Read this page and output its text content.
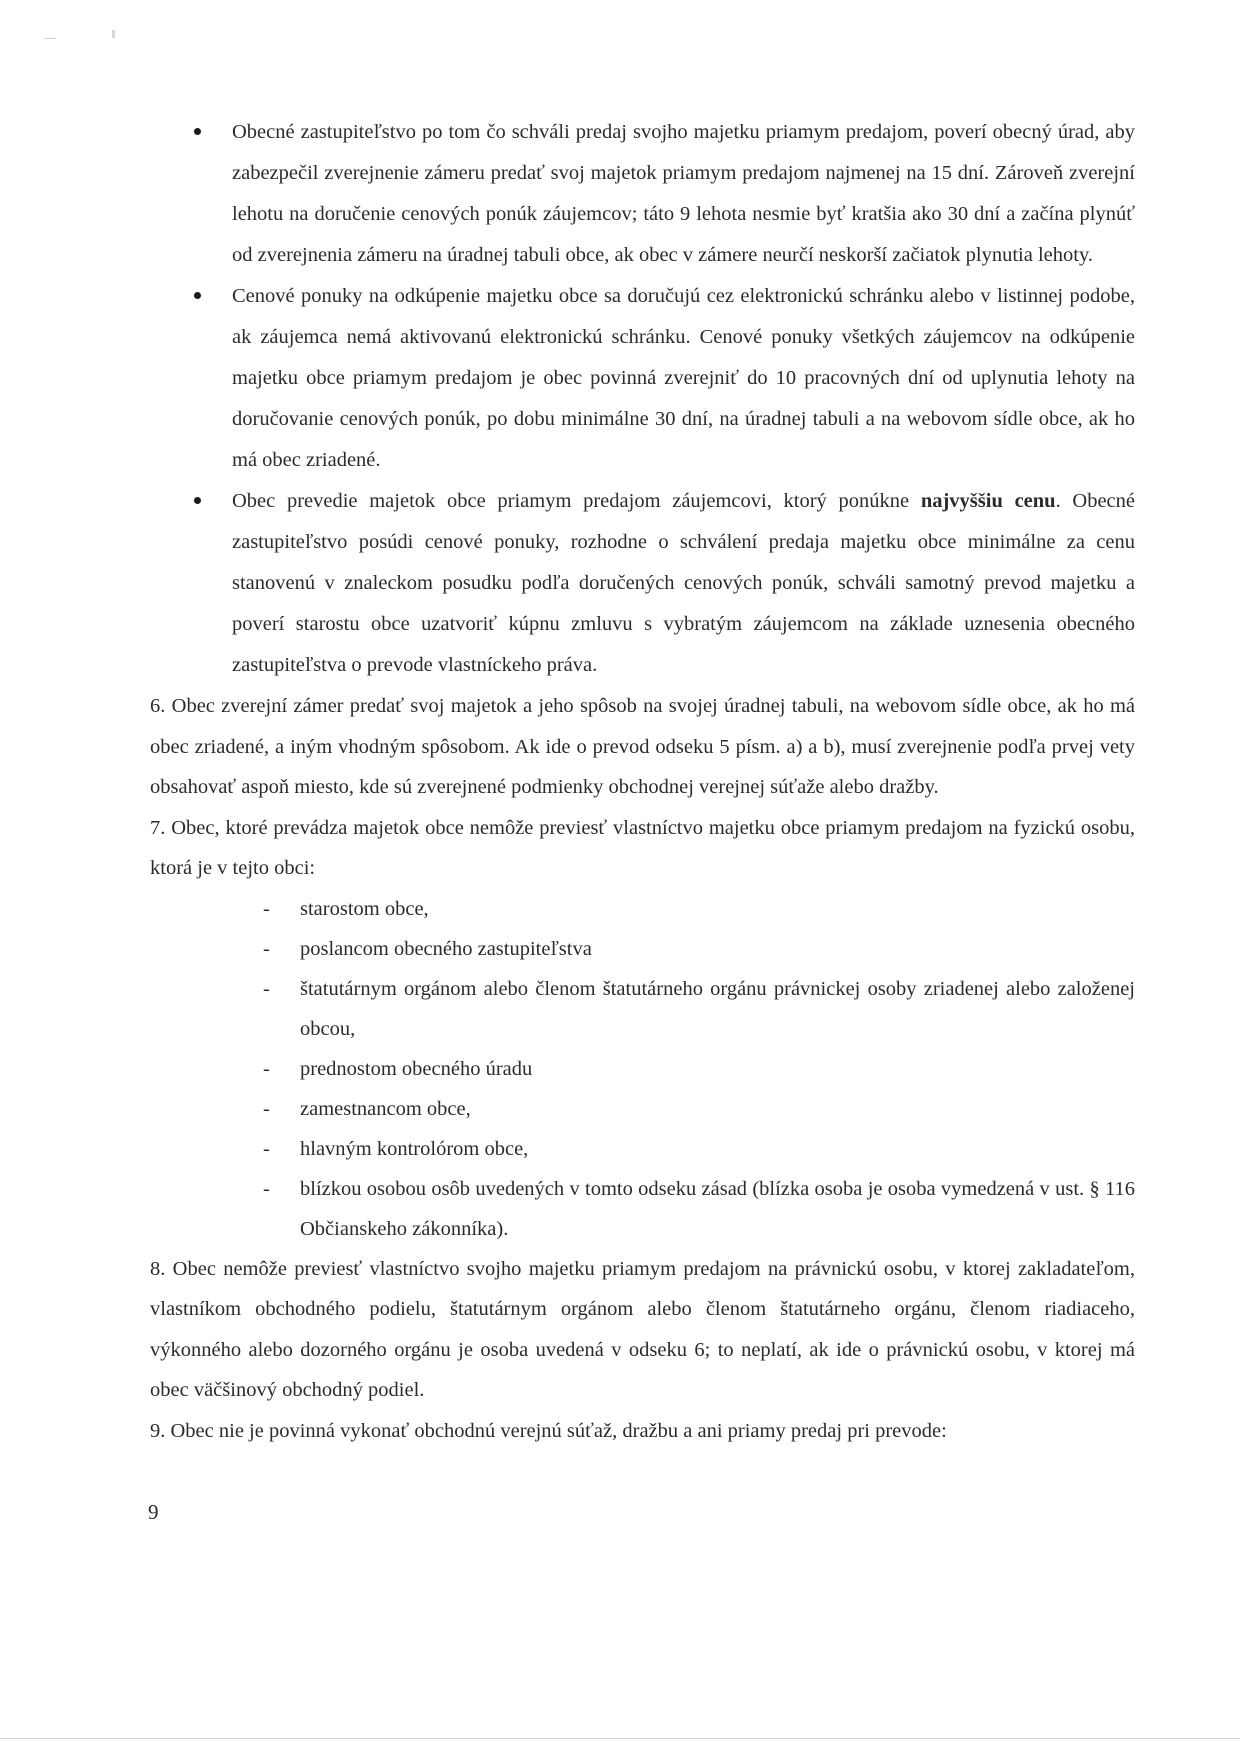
Obecné zastupiteľstvo po tom čo schváli predaj svojho majetku priamym predajom, poverí obecný úrad, aby zabezpečil zverejnenie zámeru predať svoj majetok priamym predajom najmenej na 15 dní. Zároveň zverejní lehotu na doručenie cenových ponúk záujemcov; táto 9 lehota nesmie byť kratšia ako 30 dní a začína plynúť od zverejnenia zámeru na úradnej tabuli obce, ak obec v zámere neurčí neskorší začiatok plynutia lehoty.
Cenové ponuky na odkúpenie majetku obce sa doručujú cez elektronickú schránku alebo v listinnej podobe, ak záujemca nemá aktivovanú elektronickú schránku. Cenové ponuky všetkých záujemcov na odkúpenie majetku obce priamym predajom je obec povinná zverejniť do 10 pracovných dní od uplynutia lehoty na doručovanie cenových ponúk, po dobu minimálne 30 dní, na úradnej tabuli a na webovom sídle obce, ak ho má obec zriadené.
Obec prevedie majetok obce priamym predajom záujemcovi, ktorý ponúkne najvyššiu cenu. Obecné zastupiteľstvo posúdi cenové ponuky, rozhodne o schválení predaja majetku obce minimálne za cenu stanovenú v znaleckom posudku podľa doručených cenových ponúk, schváli samotný prevod majetku a poverí starostu obce uzatvoriť kúpnu zmluvu s vybratým záujemcom na základe uznesenia obecného zastupiteľstva o prevode vlastníckeho práva.

6. Obec zverejní zámer predať svoj majetok a jeho spôsob na svojej úradnej tabuli, na webovom sídle obce, ak ho má obec zriadené, a iným vhodným spôsobom. Ak ide o prevod odseku 5 písm. a) a b), musí zverejnenie podľa prvej vety obsahovať aspoň miesto, kde sú zverejnené podmienky obchodnej verejnej súťaže alebo dražby.

7. Obec, ktoré prevádza majetok obce nemôže previesť vlastníctvo majetku obce priamym predajom na fyzickú osobu, ktorá je v tejto obci:

- starostom obce,
- poslancom obecného zastupiteľstva
- štatutárnym orgánom alebo členom štatutárneho orgánu právnickej osoby zriadenej alebo založenej obcou,
- prednostom obecného úradu
- zamestnancom obce,
- hlavným kontrolórom obce,
- blízkou osobou osôb uvedených v tomto odseku zásad (blízka osoba je osoba vymedzená v ust. § 116 Občianskeho zákonníka).

8. Obec nemôže previesť vlastníctvo svojho majetku priamym predajom na právnickú osobu, v ktorej zakladateľom, vlastníkom obchodného podielu, štatutárnym orgánom alebo členom štatutárneho orgánu, členom riadiaceho, výkonného alebo dozorného orgánu je osoba uvedená v odseku 6; to neplatí, ak ide o právnickú osobu, v ktorej má obec väčšinový obchodný podiel.

9. Obec nie je povinná vykonať obchodnú verejnú súťaž, dražbu a ani priamy predaj pri prevode:

9
